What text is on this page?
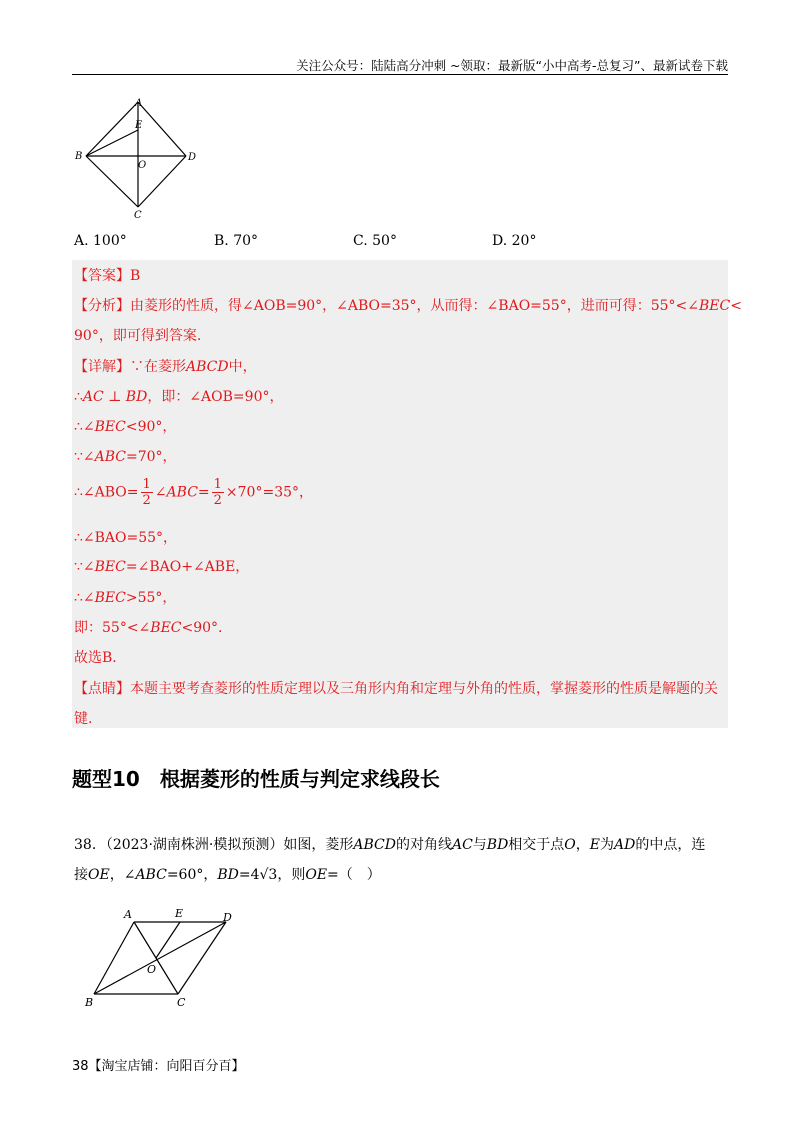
关注公众号：陆陆高分冲刺 ~领取：最新版“小中高考-总复习”、最新试卷下载
A
E
B
O
D
C
A. 100°	B. 70°	C. 50°	D. 20°
【答案】B
【分析】由菱形的性质，得∠AOB=90°，∠ABO=35°，从而得：∠BAO=55°，进而可得：55°<∠BEC<
90°，即可得到答案.
【详解】∵在菱形ABCD中，
∴AC ⊥ BD，即：∠AOB=90°，
∴∠BEC<90°，
∵∠ABC=70°，
∴∠ABO= $\frac{1}{2}$ ∠ABC= $\frac{1}{2} \times 70^\circ=35^\circ$，
∴∠BAO=55°，
∵∠BEC=∠BAO+∠ABE，
∴∠BEC>55°，
即：55°<∠BEC<90°.
故选B.
【点睛】本题主要考查菱形的性质定理以及三角形内角和定理与外角的性质，掌握菱形的性质是解题的关
键.
题型10　根据菱形的性质与判定求线段长
38．（2023·湖南株洲·模拟预测）如图，菱形ABCD的对角线AC与BD相交于点O，E为AD的中点，连
接OE，∠ABC=60°，BD=4√3，则OE=（　）
A	E	D
O
B	C
38【淘宝店铺：向阳百分百】
